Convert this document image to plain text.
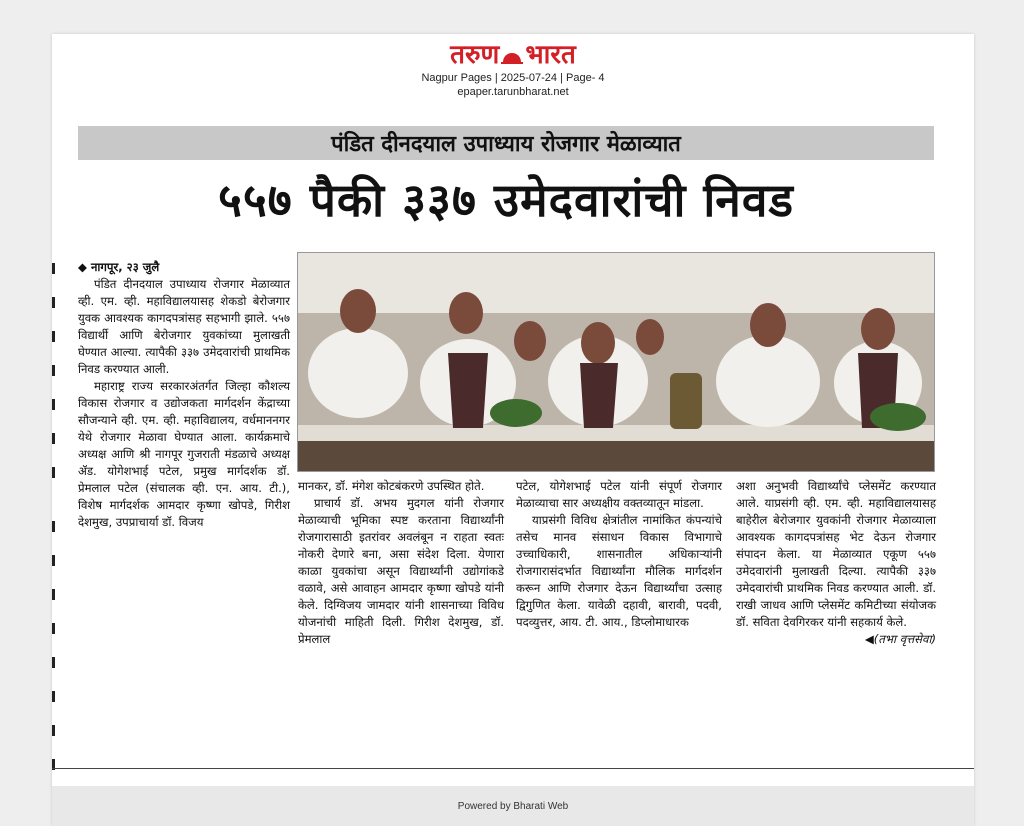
तरुण भारत
Nagpur Pages | 2025-07-24 | Page- 4
epaper.tarunbharat.net
पंडित दीनदयाल उपाध्याय रोजगार मेळाव्यात
५५७ पैकी ३३७ उमेदवारांची निवड

◆ नागपूर, २३ जुलै

पंडित दीनदयाल उपाध्याय रोजगार मेळाव्यात व्ही. एम. व्ही. महाविद्यालयासह शेकडो बेरोजगार युवक आवश्यक कागदपत्रांसह सहभागी झाले. ५५७ विद्यार्थी आणि बेरोजगार युवकांच्या मुलाखती घेण्यात आल्या. त्यापैकी ३३७ उमेदवारांची प्राथमिक निवड करण्यात आली.

महाराष्ट्र राज्य सरकारअंतर्गत जिल्हा कौशल्य विकास रोजगार व उद्योजकता मार्गदर्शन केंद्राच्या सौजन्याने व्ही. एम. व्ही. महाविद्यालय, वर्धमाननगर येथे रोजगार मेळावा घेण्यात आला. कार्यक्रमाचे अध्यक्ष आणि श्री नागपूर गुजराती मंडळाचे अध्यक्ष ॲड. योगेशभाई पटेल, प्रमुख मार्गदर्शक डॉ. प्रेमलाल पटेल (संचालक व्ही. एन. आय. टी.), विशेष मार्गदर्शक आमदार कृष्णा खोपडे, गिरीश देशमुख, उपप्राचार्या डॉ. विजय

मानकर, डॉ. मंगेश कोटबंकरणे उपस्थित होते.

प्राचार्य डॉ. अभय मुदगल यांनी रोजगार मेळाव्याची भूमिका स्पष्ट करताना विद्यार्थ्यांनी रोजगारासाठी इतरांवर अवलंबून न राहता स्वतः नोकरी देणारे बना, असा संदेश दिला. येणारा काळा युवकांचा असून विद्यार्थ्यांनी उद्योगांकडे वळावे, असे आवाहन आमदार कृष्णा खोपडे यांनी केले. दिग्विजय जामदार यांनी शासनाच्या विविध योजनांची माहिती दिली. गिरीश देशमुख, डॉ. प्रेमलाल

पटेल, योगेशभाई पटेल यांनी संपूर्ण रोजगार मेळाव्याचा सार अध्यक्षीय वक्तव्यातून मांडला.

याप्रसंगी विविध क्षेत्रांतील नामांकित कंपन्यांचे तसेच मानव संसाधन विकास विभागाचे उच्चाधिकारी, शासनातील अधिकाऱ्यांनी रोजगारासंदर्भात विद्यार्थ्यांना मौलिक मार्गदर्शन करून आणि रोजगार देऊन विद्यार्थ्यांचा उत्साह द्विगुणित केला. यावेळी दहावी, बारावी, पदवी, पदव्युत्तर, आय. टी. आय., डिप्लोमाधारक

अशा अनुभवी विद्यार्थ्यांचे प्लेसमेंट करण्यात आले. याप्रसंगी व्ही. एम. व्ही. महाविद्यालयासह बाहेरील बेरोजगार युवकांनी रोजगार मेळाव्याला आवश्यक कागदपत्रांसह भेट देऊन रोजगार संपादन केला. या मेळाव्यात एकूण ५५७ उमेदवारांनी मुलाखती दिल्या. त्यापैकी ३३७ उमेदवारांची प्राथमिक निवड करण्यात आली. डॉ. राखी जाधव आणि प्लेसमेंट कमिटीच्या संयोजक डॉ. सविता देवगिरकर यांनी सहकार्य केले.

◀(तभा वृत्तसेवा)

Powered by Bharati Web
